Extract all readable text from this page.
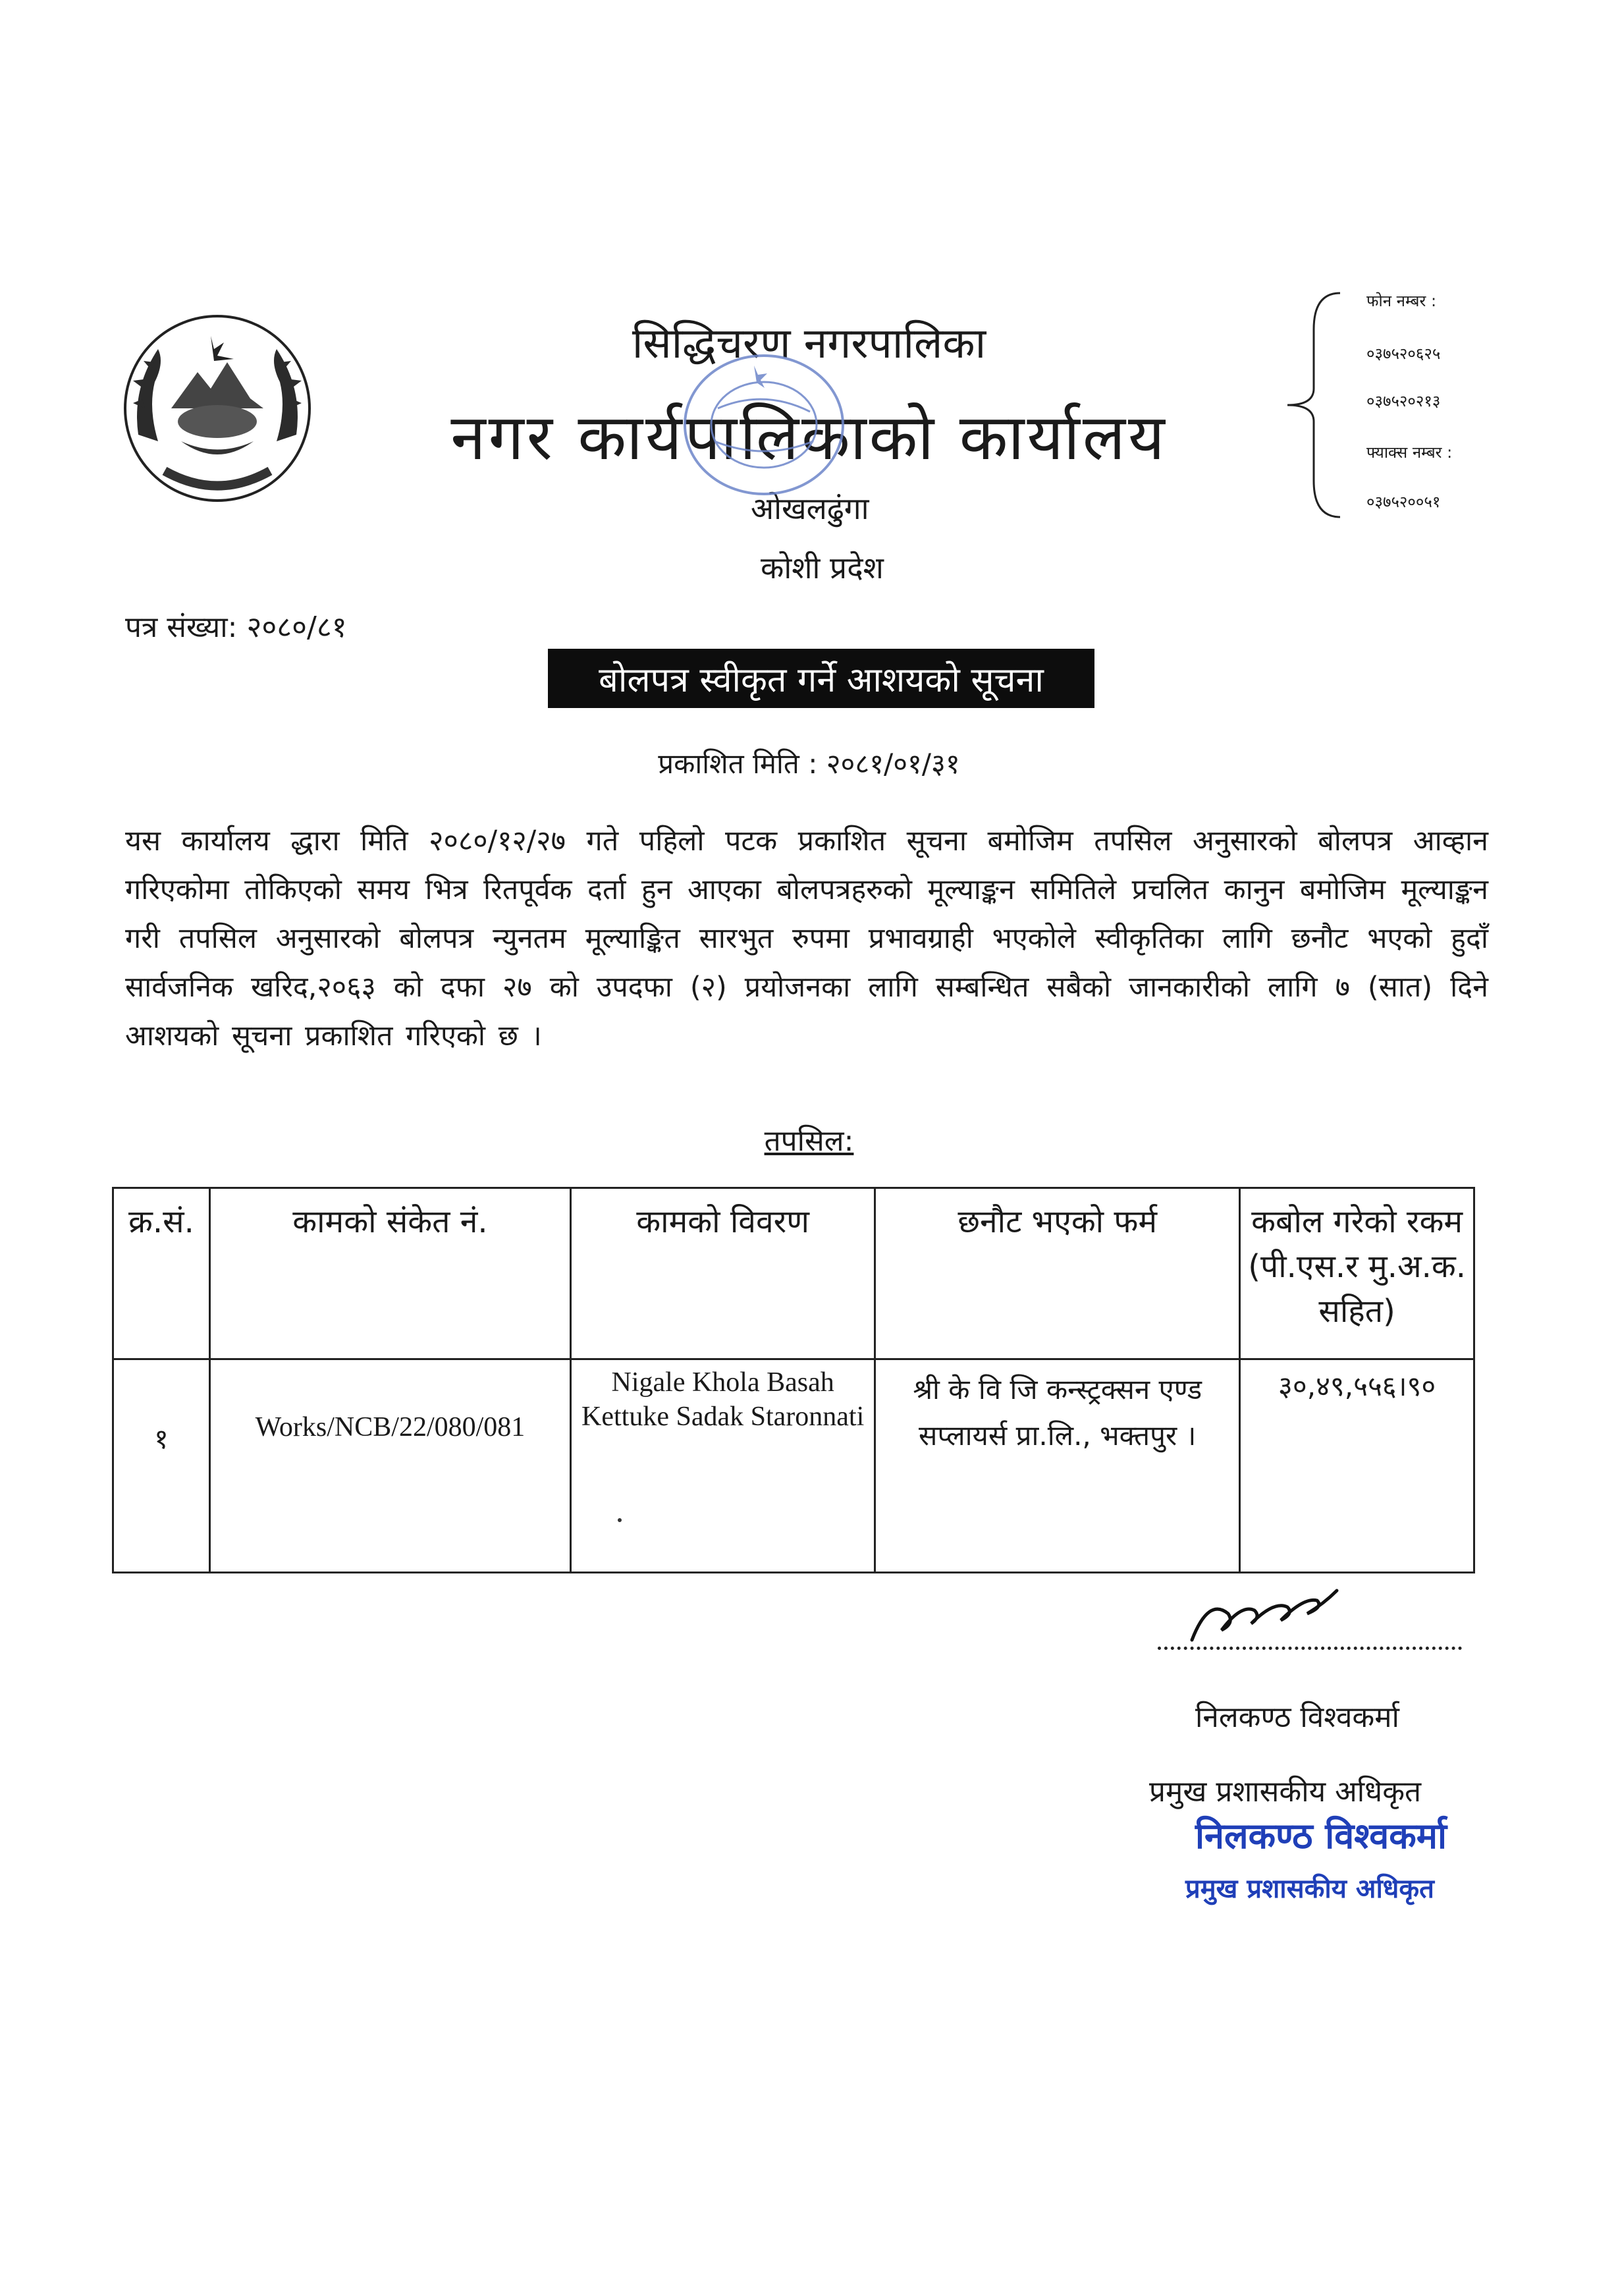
सिद्धिचरण नगरपालिका
नगर कार्यपालिकाको कार्यालय
ओखलढुंगा
कोशी प्रदेश
फोन नम्बर :
०३७५२०६२५
०३७५२०२१३
फ्याक्स नम्बर :
०३७५२००५१
पत्र संख्या: २०८०/८१
बोलपत्र स्वीकृत गर्ने आशयको सूचना
प्रकाशित मिति : २०८१/०१/३१
यस कार्यालय द्धारा मिति २०८०/१२/२७ गते पहिलो पटक प्रकाशित सूचना बमोजिम तपसिल अनुसारको बोलपत्र आव्हान गरिएकोमा तोकिएको समय भित्र रितपूर्वक दर्ता हुन आएका बोलपत्रहरुको मूल्याङ्कन समितिले प्रचलित कानुन बमोजिम मूल्याङ्कन गरी तपसिल अनुसारको बोलपत्र न्युनतम मूल्याङ्कित सारभुत रुपमा प्रभावग्राही भएकोले स्वीकृतिका लागि छनौट भएको हुदाँ सार्वजनिक खरिद,२०६३ को दफा २७ को उपदफा (२) प्रयोजनका लागि सम्बन्धित सबैको जानकारीको लागि ७ (सात) दिने आशयको सूचना प्रकाशित गरिएको छ ।
तपसिल:
क्र.सं.	कामको संकेत नं.	कामको विवरण	छनौट भएको फर्म	कबोल गरेको रकम (पी.एस.र मु.अ.क. सहित)
१	Works/NCB/22/080/081	Nigale Khola Basah Kettuke Sadak Staronnati	श्री के वि जि कन्स्ट्रक्सन एण्ड सप्लायर्स प्रा.लि., भक्तपुर ।	३०,४९,५५६।९०
निलकण्ठ विश्वकर्मा
प्रमुख प्रशासकीय अधिकृत
निलकण्ठ विश्वकर्मा
प्रमुख प्रशासकीय अधिकृत
